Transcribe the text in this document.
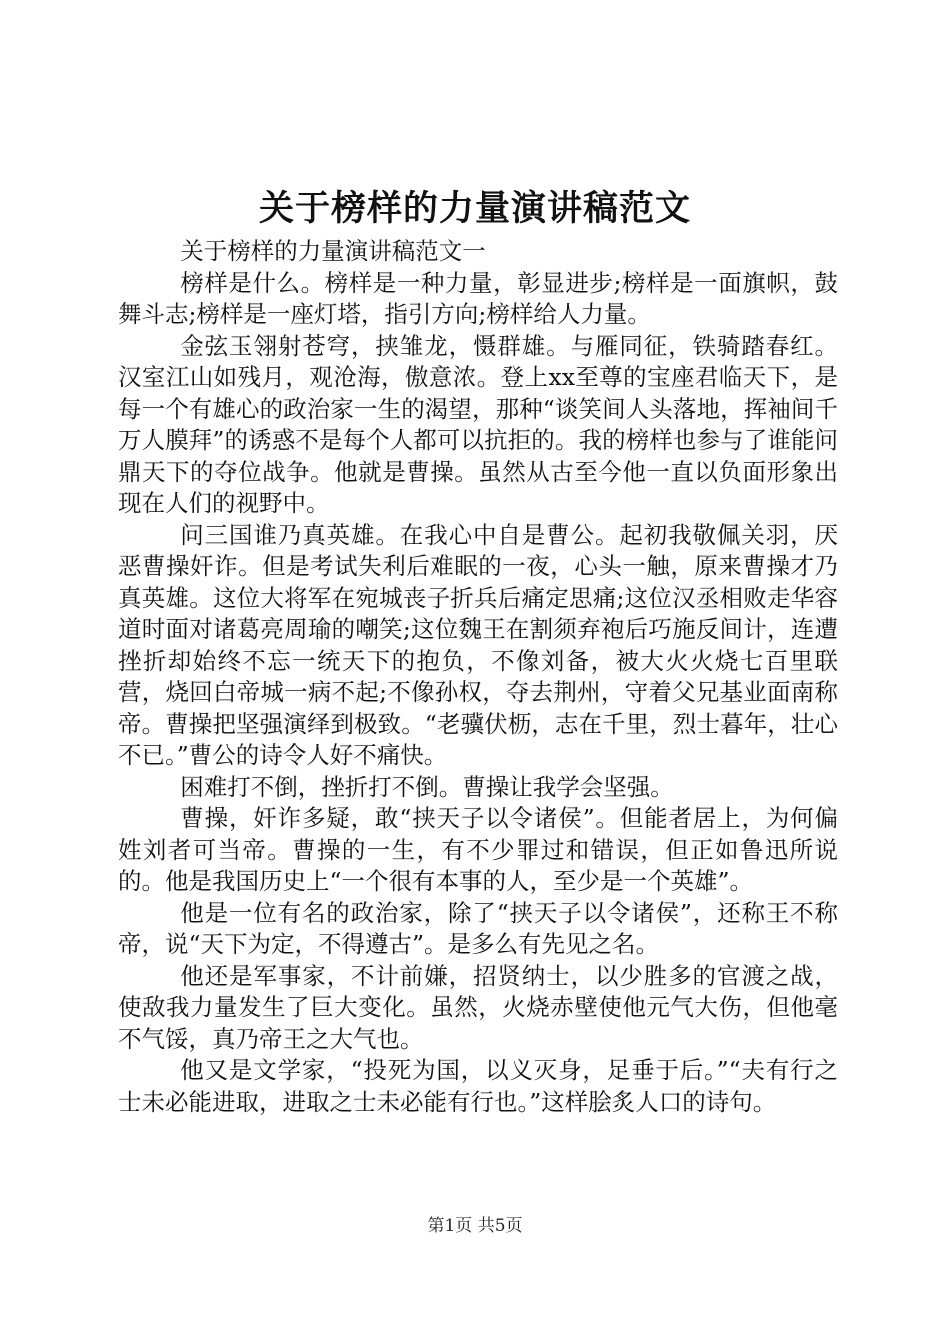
关于榜样的力量演讲稿范文

关于榜样的力量演讲稿范文一

榜样是什么。榜样是一种力量，彰显进步;榜样是一面旗帜，鼓舞斗志;榜样是一座灯塔，指引方向;榜样给人力量。

金弦玉翎射苍穹，挟雏龙，慑群雄。与雁同征，铁骑踏春红。汉室江山如残月，观沧海，傲意浓。登上xx至尊的宝座君临天下，是每一个有雄心的政治家一生的渴望，那种“谈笑间人头落地，挥袖间千万人膜拜”的诱惑不是每个人都可以抗拒的。我的榜样也参与了谁能问鼎天下的夺位战争。他就是曹操。虽然从古至今他一直以负面形象出现在人们的视野中。

问三国谁乃真英雄。在我心中自是曹公。起初我敬佩关羽，厌恶曹操奸诈。但是考试失利后难眠的一夜，心头一触，原来曹操才乃真英雄。这位大将军在宛城丧子折兵后痛定思痛;这位汉丞相败走华容道时面对诸葛亮周瑜的嘲笑;这位魏王在割须弃袍后巧施反间计，连遭挫折却始终不忘一统天下的抱负，不像刘备，被大火火烧七百里联营，烧回白帝城一病不起;不像孙权，夺去荆州，守着父兄基业面南称帝。曹操把坚强演绎到极致。“老骥伏枥，志在千里，烈士暮年，壮心不已。”曹公的诗令人好不痛快。

困难打不倒，挫折打不倒。曹操让我学会坚强。

曹操，奸诈多疑，敢“挟天子以令诸侯”。但能者居上，为何偏姓刘者可当帝。曹操的一生，有不少罪过和错误，但正如鲁迅所说的。他是我国历史上“一个很有本事的人，至少是一个英雄”。

他是一位有名的政治家，除了“挟天子以令诸侯”，还称王不称帝，说“天下为定，不得遵古”。是多么有先见之名。

他还是军事家，不计前嫌，招贤纳士，以少胜多的官渡之战，使敌我力量发生了巨大变化。虽然，火烧赤壁使他元气大伤，但他毫不气馁，真乃帝王之大气也。

他又是文学家，“投死为国，以义灭身，足垂于后。”“夫有行之士未必能进取，进取之士未必能有行也。”这样脍炙人口的诗句。

第1页 共5页
